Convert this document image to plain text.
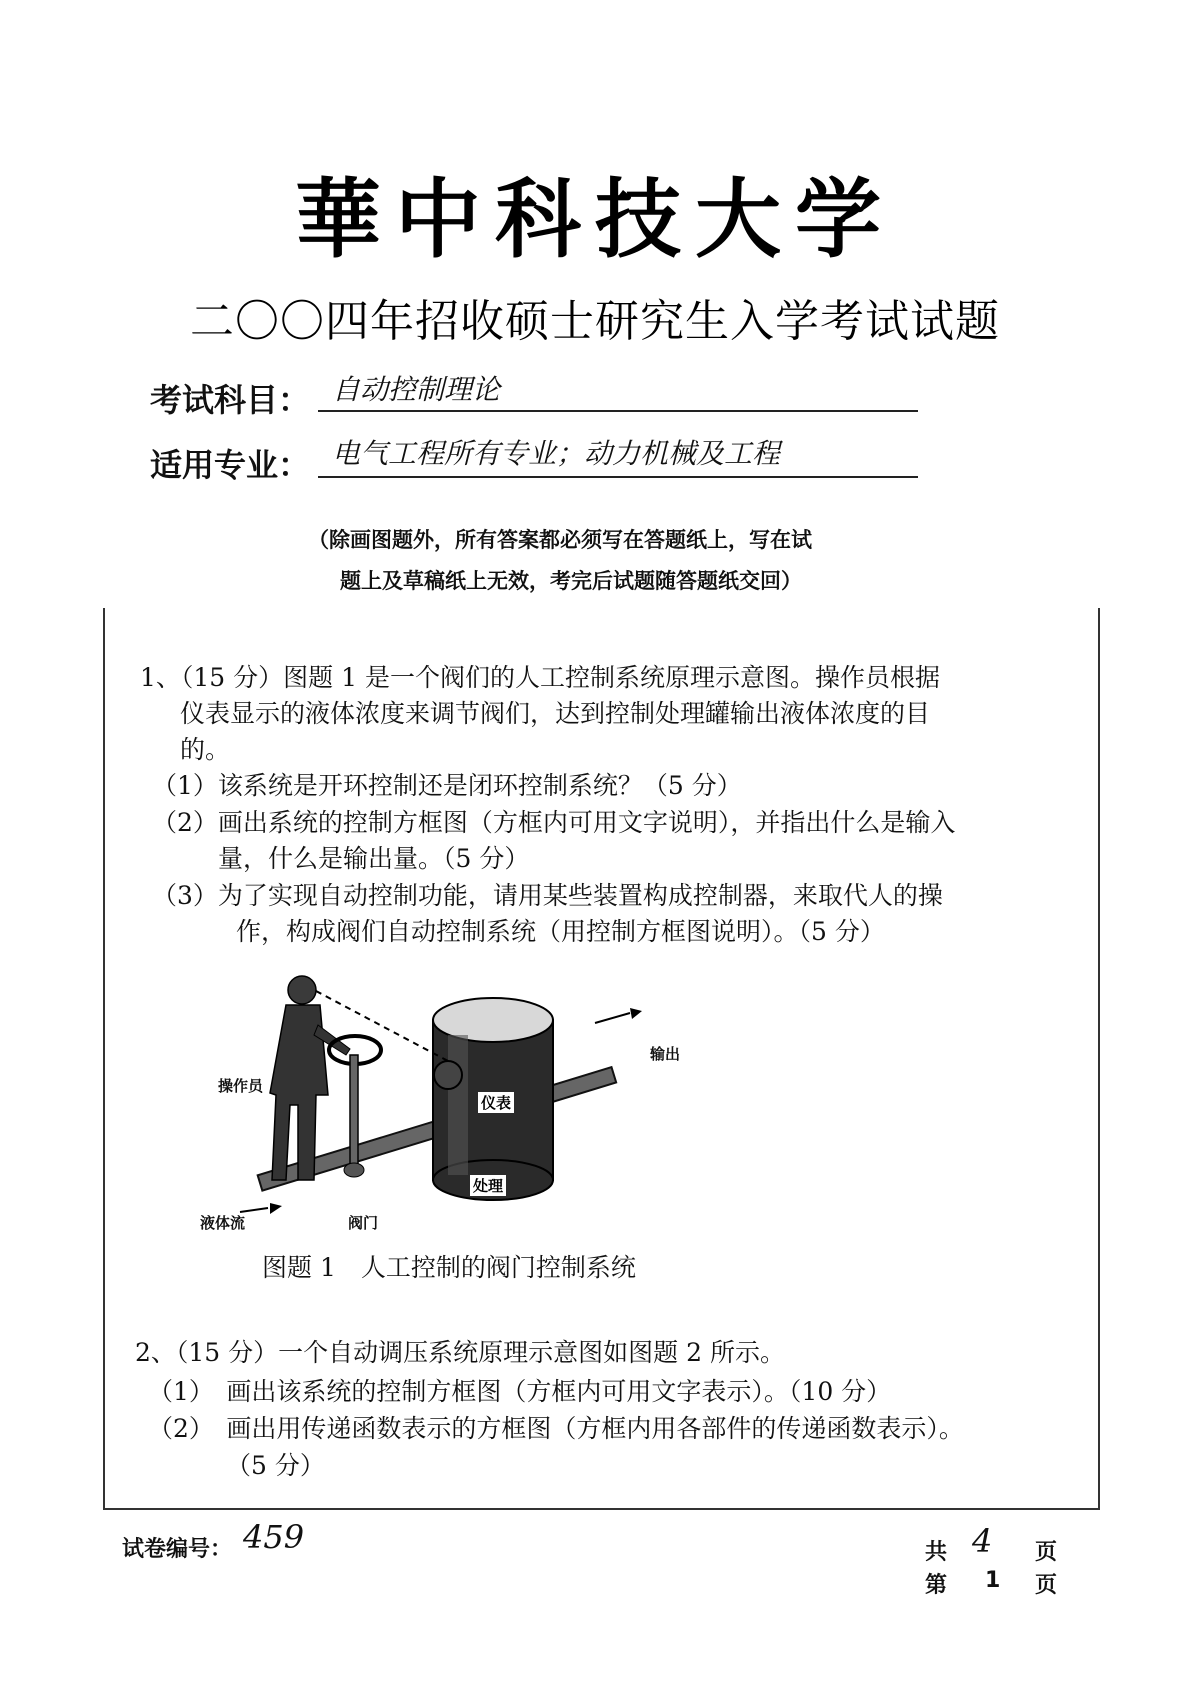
華中科技大学
二〇〇四年招收硕士研究生入学考试试题
考试科目： 自动控制理论
适用专业： 电气工程所有专业；动力机械及工程
（除画图题外，所有答案都必须写在答题纸上，写在试
题上及草稿纸上无效，考完后试题随答题纸交回）
1、（15 分）图题 1 是一个阀们的人工控制系统原理示意图。操作员根据
仪表显示的液体浓度来调节阀们，达到控制处理罐输出液体浓度的目
的。
（1）该系统是开环控制还是闭环控制系统？（5 分）
（2）画出系统的控制方框图（方框内可用文字说明），并指出什么是输入
量，什么是输出量。（5 分）
（3）为了实现自动控制功能，请用某些装置构成控制器，来取代人的操
作，构成阀们自动控制系统（用控制方框图说明）。（5 分）
操作员
输出
仪表
处理
液体流	阀门
图题 1　人工控制的阀门控制系统
2、（15 分）一个自动调压系统原理示意图如图题 2 所示。
（1）　画出该系统的控制方框图（方框内可用文字表示）。（10 分）
（2）　画出用传递函数表示的方框图（方框内用各部件的传递函数表示）。
（5 分）
试卷编号： 459	共 4 页
第 1 页
